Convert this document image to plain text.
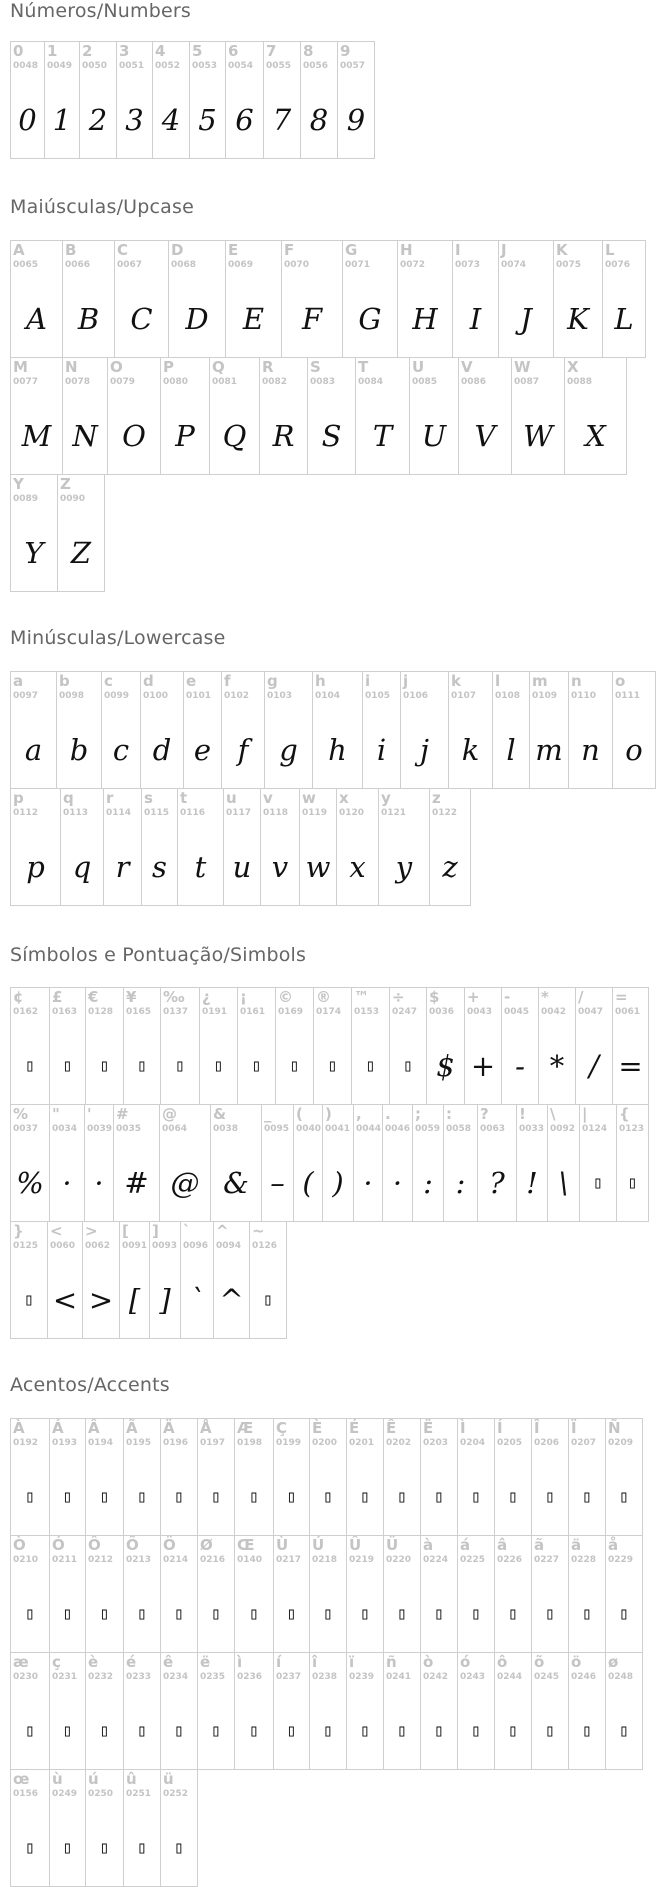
Números/Numbers
0
0048
0
1
0049
1
2
0050
2
3
0051
3
4
0052
4
5
0053
5
6
0054
6
7
0055
7
8
0056
8
9
0057
9
Maiúsculas/Upcase
A
0065
A
B
0066
B
C
0067
C
D
0068
D
E
0069
E
F
0070
F
G
0071
G
H
0072
H
I
0073
I
J
0074
J
K
0075
K
L
0076
L
M
0077
M
N
0078
N
O
0079
O
P
0080
P
Q
0081
Q
R
0082
R
S
0083
S
T
0084
T
U
0085
U
V
0086
V
W
0087
W
X
0088
X
Y
0089
Y
Z
0090
Z
Minúsculas/Lowercase
a
0097
a
b
0098
b
c
0099
c
d
0100
d
e
0101
e
f
0102
f
g
0103
g
h
0104
h
i
0105
i
j
0106
j
k
0107
k
l
0108
l
m
0109
m
n
0110
n
o
0111
o
p
0112
p
q
0113
q
r
0114
r
s
0115
s
t
0116
t
u
0117
u
v
0118
v
w
0119
w
x
0120
x
y
0121
y
z
0122
z
Símbolos e Pontuação/Simbols
¢
0162
▯
£
0163
▯
€
0128
▯
¥
0165
▯
‰
0137
▯
¿
0191
▯
¡
0161
▯
©
0169
▯
®
0174
▯
™
0153
▯
÷
0247
▯
$
0036
$
+
0043
+
-
0045
-
*
0042
*
/
0047
/
=
0061
=
%
0037
%
"
0034
·
'
0039
·
#
0035
#
@
0064
@
&
0038
&
_
0095
–
(
0040
(
)
0041
)
,
0044
·
.
0046
·
;
0059
:
:
0058
:
?
0063
?
!
0033
!
\
0092
\
|
0124
▯
{
0123
▯
}
0125
▯
<
0060
<
>
0062
>
[
0091
[
]
0093
]
`
0096
`
^
0094
^
~
0126
▯
Acentos/Accents
À
0192
▯
Á
0193
▯
Â
0194
▯
Ã
0195
▯
Ä
0196
▯
Å
0197
▯
Æ
0198
▯
Ç
0199
▯
È
0200
▯
É
0201
▯
Ê
0202
▯
Ë
0203
▯
Ì
0204
▯
Í
0205
▯
Î
0206
▯
Ï
0207
▯
Ñ
0209
▯
Ò
0210
▯
Ó
0211
▯
Ô
0212
▯
Õ
0213
▯
Ö
0214
▯
Ø
0216
▯
Œ
0140
▯
Ù
0217
▯
Ú
0218
▯
Û
0219
▯
Ü
0220
▯
à
0224
▯
á
0225
▯
â
0226
▯
ã
0227
▯
ä
0228
▯
å
0229
▯
æ
0230
▯
ç
0231
▯
è
0232
▯
é
0233
▯
ê
0234
▯
ë
0235
▯
ì
0236
▯
í
0237
▯
î
0238
▯
ï
0239
▯
ñ
0241
▯
ò
0242
▯
ó
0243
▯
ô
0244
▯
õ
0245
▯
ö
0246
▯
ø
0248
▯
œ
0156
▯
ù
0249
▯
ú
0250
▯
û
0251
▯
ü
0252
▯
